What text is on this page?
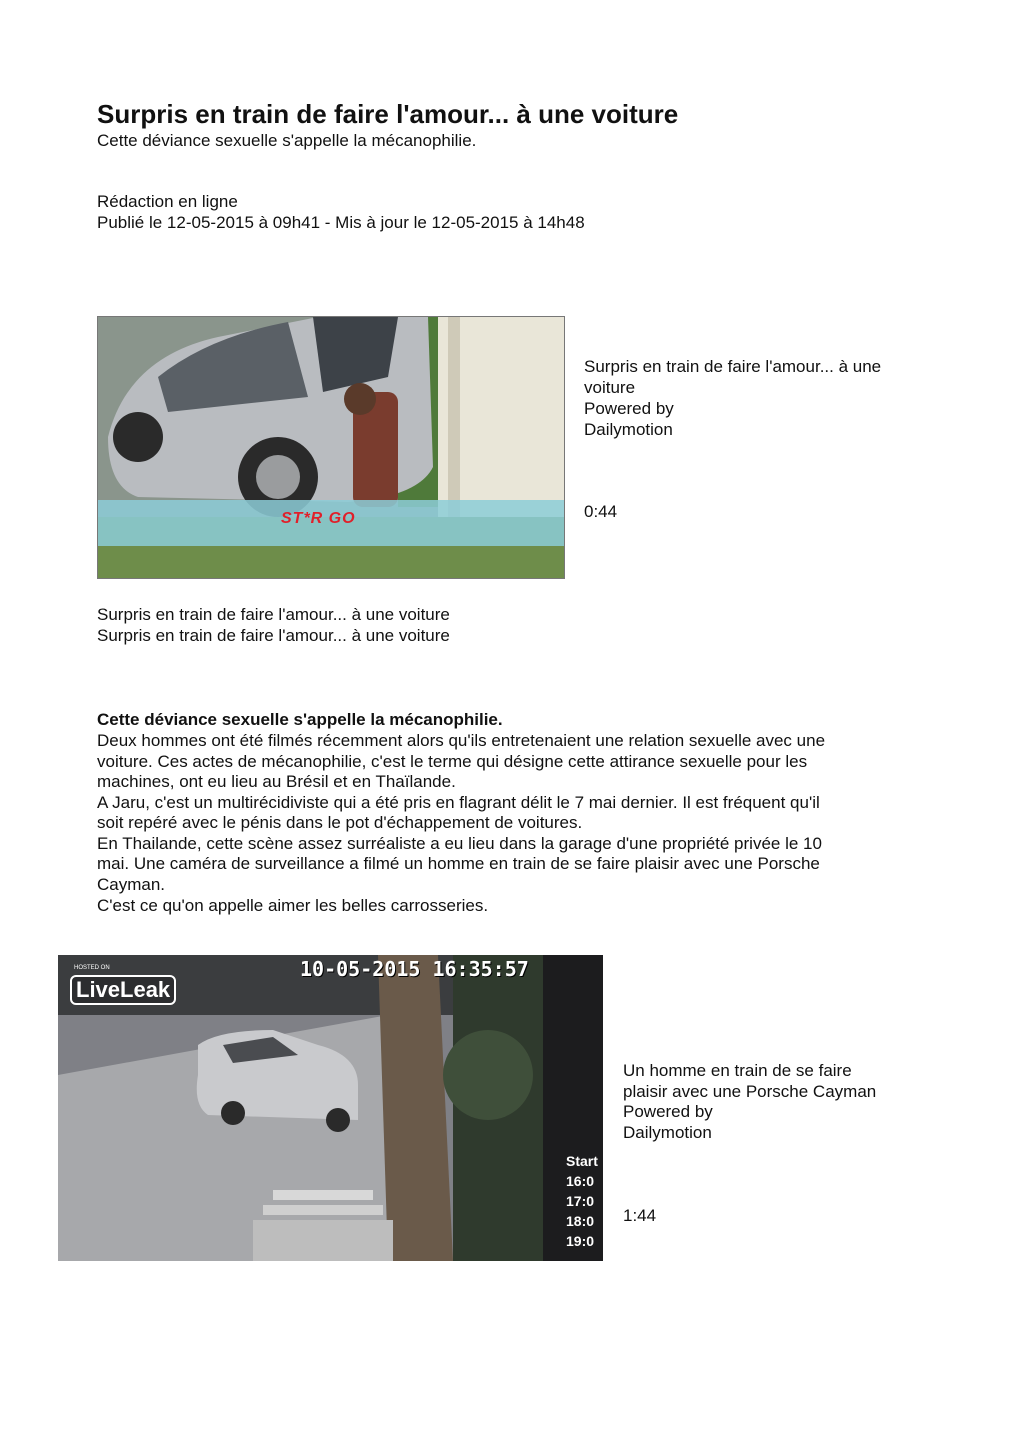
Surpris en train de faire l'amour... à une voiture
Cette déviance sexuelle s'appelle la mécanophilie.
Rédaction en ligne
Publié le 12-05-2015 à 09h41 - Mis à jour le 12-05-2015 à 14h48
ST*R GO
Surpris en train de faire l'amour... à une
voiture
Powered by
Dailymotion
0:44
Surpris en train de faire l'amour... à une voiture
Surpris en train de faire l'amour... à une voiture
Cette déviance sexuelle s'appelle la mécanophilie.
Deux hommes ont été filmés récemment alors qu'ils entretenaient une relation sexuelle avec une
voiture. Ces actes de mécanophilie, c'est le terme qui désigne cette attirance sexuelle pour les
machines, ont eu lieu au Brésil et en Thaïlande.
A Jaru, c'est un multirécidiviste qui a été pris en flagrant délit le 7 mai dernier. Il est fréquent qu'il
soit repéré avec le pénis dans le pot d'échappement de voitures.
En Thailande, cette scène assez surréaliste a eu lieu dans la garage d'une propriété privée le 10
mai. Une caméra de surveillance a filmé un homme en train de se faire plaisir avec une Porsche
Cayman.
C'est ce qu'on appelle aimer les belles carrosseries.
10-05-2015 16:35:57
HOSTED ON
LiveLeak
Start
16:0
17:0
18:0
19:0
Un homme en train de se faire
plaisir avec une Porsche Cayman
Powered by
Dailymotion
1:44
